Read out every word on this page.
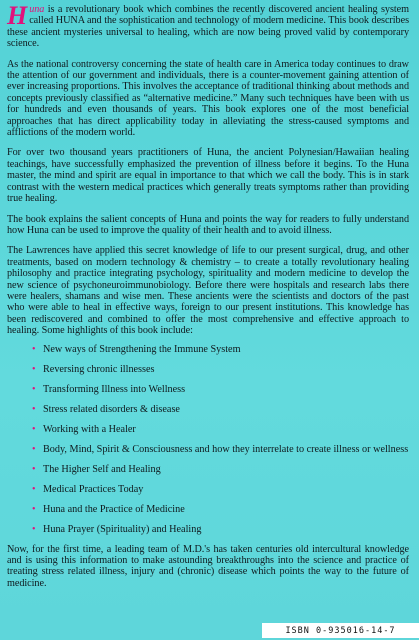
Huna is a revolutionary book which combines the recently discovered ancient healing system called HUNA and the sophistication and technology of modern medicine. This book describes these ancient mysteries universal to healing, which are now being proved valid by contemporary science.

As the national controversy concerning the state of health care in America today continues to draw the attention of our government and individuals, there is a counter-movement gaining attention of ever increasing proportions. This involves the acceptance of traditional thinking about methods and concepts previously classified as “alternative medicine.” Many such techniques have been with us for hundreds and even thousands of years. This book explores one of the most beneficial approaches that has direct applicability today in alleviating the stress-caused symptoms and afflictions of the modern world.

For over two thousand years practitioners of Huna, the ancient Polynesian/Hawaiian healing teachings, have successfully emphasized the prevention of illness before it begins. To the Huna master, the mind and spirit are equal in importance to that which we call the body. This is in stark contrast with the western medical practices which generally treats symptoms rather than providing true healing.

The book explains the salient concepts of Huna and points the way for readers to fully understand how Huna can be used to improve the quality of their health and to avoid illness.

The Lawrences have applied this secret knowledge of life to our present surgical, drug, and other treatments, based on modern technology & chemistry – to create a totally revolutionary healing philosophy and practice integrating psychology, spirituality and modern medicine to develop the new science of psychoneuroimmunobiology. Before there were hospitals and research labs there were healers, shamans and wise men. These ancients were the scientists and doctors of the past who were able to heal in effective ways, foreign to our present institutions. This knowledge has been rediscovered and combined to offer the most comprehensive and effective approach to healing. Some highlights of this book include:

• New ways of Strengthening the Immune System
• Reversing chronic illnesses
• Transforming Illness into Wellness
• Stress related disorders & disease
• Working with a Healer
• Body, Mind, Spirit & Consciousness and how they interrelate to create illness or wellness
• The Higher Self and Healing
• Medical Practices Today
• Huna and the Practice of Medicine
• Huna Prayer (Spirituality) and Healing

Now, for the first time, a leading team of M.D.'s has taken centuries old intercultural knowledge and is using this information to make astounding breakthroughs into the science and practice of treating stress related illness, injury and (chronic) disease which points the way to the future of medicine.

ISBN 0-935016-14-7
